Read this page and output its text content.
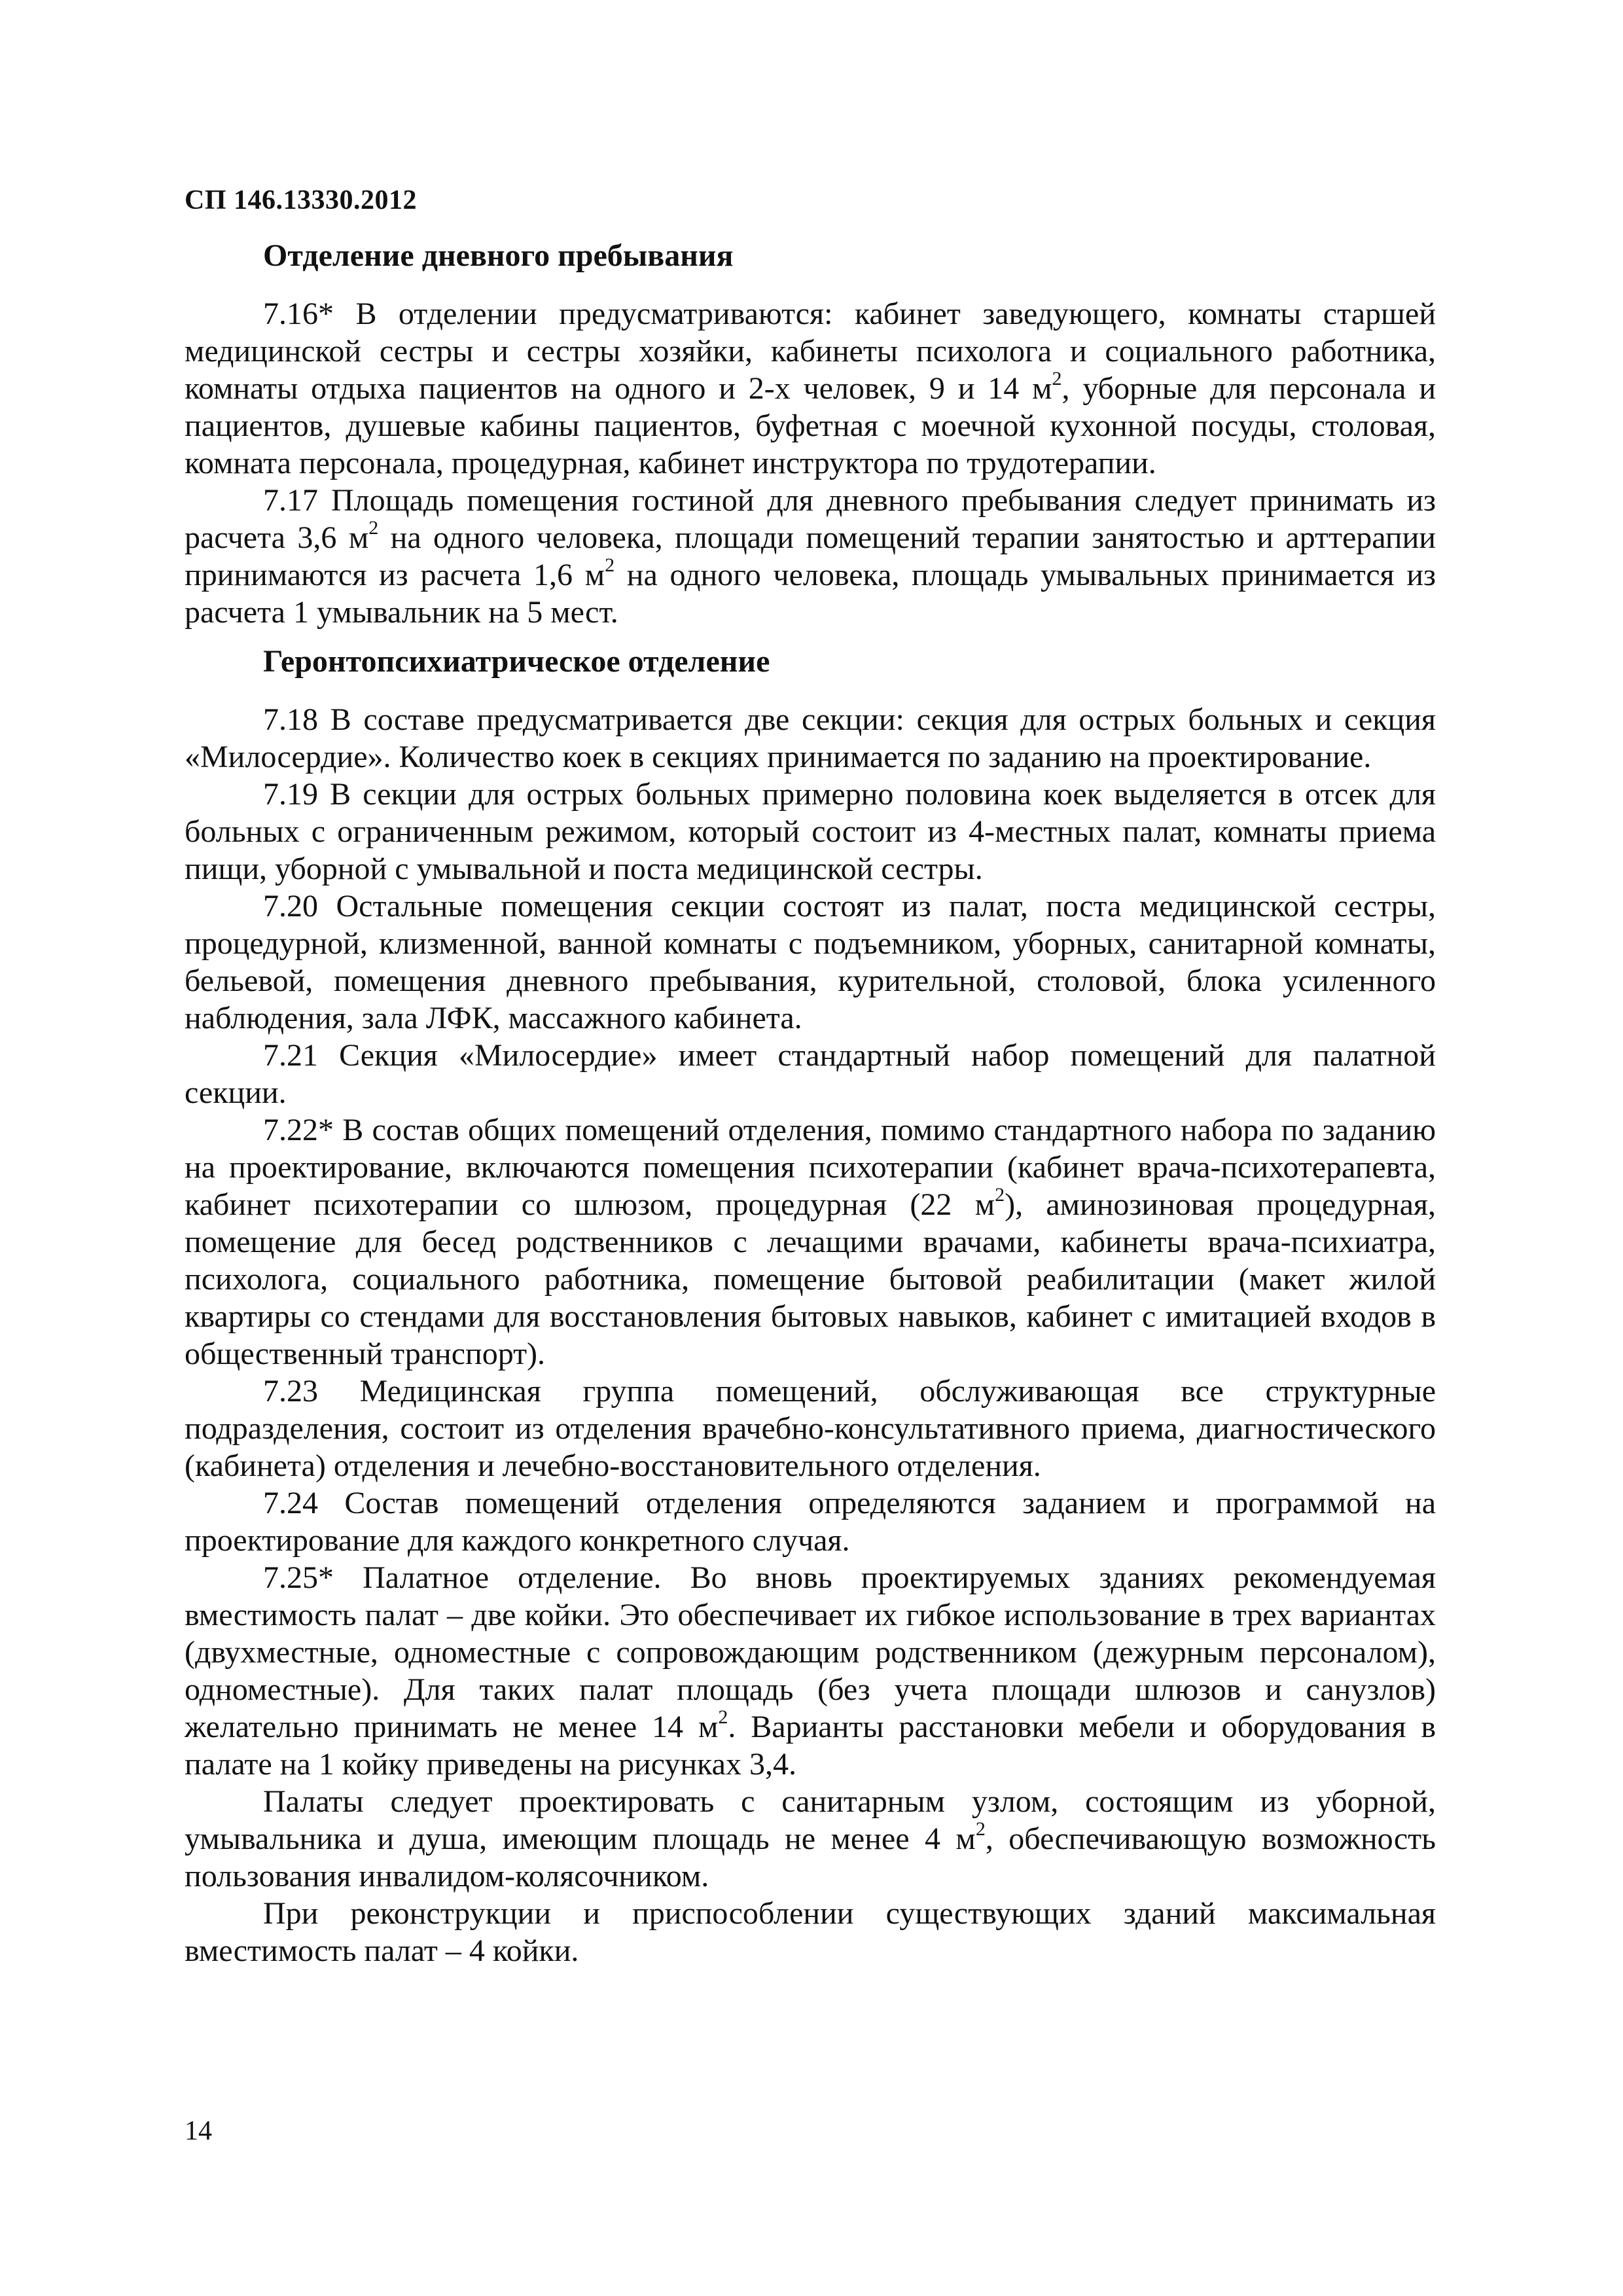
СП 146.13330.2012
Отделение дневного пребывания

7.16* В отделении предусматриваются: кабинет заведующего, комнаты старшей медицинской сестры и сестры хозяйки, кабинеты психолога и социального работника, комнаты отдыха пациентов на одного и 2-х человек, 9 и 14 $м^2$, уборные для персонала и пациентов, душевые кабины пациентов, буфетная с моечной кухонной посуды, столовая, комната персонала, процедурная, кабинет инструктора по трудотерапии.

7.17 Площадь помещения гостиной для дневного пребывания следует принимать из расчета 3,6 $м^2$ на одного человека, площади помещений терапии занятостью и арттерапии принимаются из расчета 1,6 $м^2$ на одного человека, площадь умывальных принимается из расчета 1 умывальник на 5 мест.

Геронтопсихиатрическое отделение

7.18 В составе предусматривается две секции: секция для острых больных и секция «Милосердие». Количество коек в секциях принимается по заданию на проектирование.

7.19 В секции для острых больных примерно половина коек выделяется в отсек для больных с ограниченным режимом, который состоит из 4-местных палат, комнаты приема пищи, уборной с умывальной и поста медицинской сестры.

7.20 Остальные помещения секции состоят из палат, поста медицинской сестры, процедурной, клизменной, ванной комнаты с подъемником, уборных, санитарной комнаты, бельевой, помещения дневного пребывания, курительной, столовой, блока усиленного наблюдения, зала ЛФК, массажного кабинета.

7.21 Секция «Милосердие» имеет стандартный набор помещений для палатной секции.

7.22* В состав общих помещений отделения, помимо стандартного набора по заданию на проектирование, включаются помещения психотерапии (кабинет врача-психотерапевта, кабинет психотерапии со шлюзом, процедурная (22 $м^2$), аминозиновая процедурная, помещение для бесед родственников с лечащими врачами, кабинеты врача-психиатра, психолога, социального работника, помещение бытовой реабилитации (макет жилой квартиры со стендами для восстановления бытовых навыков, кабинет с имитацией входов в общественный транспорт).

7.23 Медицинская группа помещений, обслуживающая все структурные подразделения, состоит из отделения врачебно-консультативного приема, диагностического (кабинета) отделения и лечебно-восстановительного отделения.

7.24 Состав помещений отделения определяются заданием и программой на проектирование для каждого конкретного случая.

7.25* Палатное отделение. Во вновь проектируемых зданиях рекомендуемая вместимость палат – две койки. Это обеспечивает их гибкое использование в трех вариантах (двухместные, одноместные с сопровождающим родственником (дежурным персоналом), одноместные). Для таких палат площадь (без учета площади шлюзов и санузлов) желательно принимать не менее 14 $м^2$. Варианты расстановки мебели и оборудования в палате на 1 койку приведены на рисунках 3,4.

Палаты следует проектировать с санитарным узлом, состоящим из уборной, умывальника и душа, имеющим площадь не менее 4 $м^2$, обеспечивающую возможность пользования инвалидом-колясочником.

При реконструкции и приспособлении существующих зданий максимальная вместимость палат – 4 койки.

14
